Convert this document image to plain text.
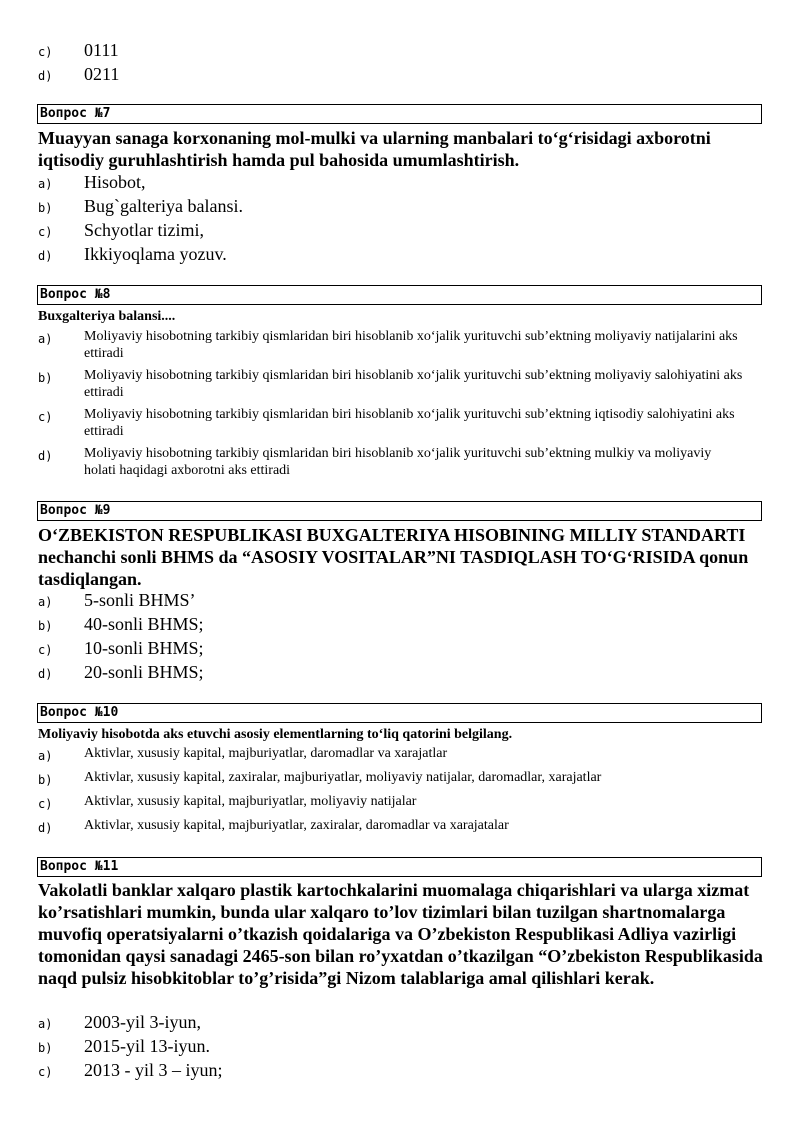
c)	0111
d)	0211
Вопрос №7
Muayyan sanaga korxonaning mol-mulki va ularning manbalari to‘g‘risidagi axborotni iqtisodiy guruhlashtirish hamda pul bahosida umumlashtirish.
a)	Hisobot,
b)	Bug`galteriya balansi.
c)	Schyotlar tizimi,
d)	Ikkiyoqlama yozuv.
Вопрос №8
Buxgalteriya balansi....
a)	Moliyaviy hisobotning tarkibiy qismlaridan biri hisoblanib xo‘jalik yurituvchi sub’ektning moliyaviy natijalarini aks ettiradi
b)	Moliyaviy hisobotning tarkibiy qismlaridan biri hisoblanib xo‘jalik yurituvchi sub’ektning moliyaviy salohiyatini aks ettiradi
c)	Moliyaviy hisobotning tarkibiy qismlaridan biri hisoblanib xo‘jalik yurituvchi sub’ektning iqtisodiy salohiyatini aks ettiradi
d)	Moliyaviy hisobotning tarkibiy qismlaridan biri hisoblanib xo‘jalik yurituvchi sub’ektning mulkiy va moliyaviy holati haqidagi axborotni aks ettiradi
Вопрос №9
O‘ZBEKISTON RESPUBLIKASI BUXGALTERIYA HISOBINING MILLIY STANDARTI nechanchi sonli BHMS da “ASOSIY VOSITALAR”NI TASDIQLASH TO‘G‘RISIDA qonun tasdiqlangan.
a)	5-sonli BHMS’
b)	40-sonli BHMS;
c)	10-sonli BHMS;
d)	20-sonli BHMS;
Вопрос №10
Moliyaviy hisobotda aks etuvchi asosiy elementlarning to‘liq qatorini belgilang.
a)	Aktivlar, xususiy kapital, majburiyatlar, daromadlar va xarajatlar
b)	Aktivlar, xususiy kapital, zaxiralar, majburiyatlar, moliyaviy natijalar, daromadlar, xarajatlar
c)	Aktivlar, xususiy kapital, majburiyatlar, moliyaviy natijalar
d)	Aktivlar, xususiy kapital, majburiyatlar, zaxiralar, daromadlar va xarajatalar
Вопрос №11
Vakolatli banklar xalqaro plastik kartochkalarini muomalaga chiqarishlari va ularga xizmat ko’rsatishlari mumkin, bunda ular xalqaro to’lov tizimlari bilan tuzilgan shartnomalarga muvofiq operatsiyalarni o’tkazish qoidalariga va O’zbekiston Respublikasi Adliya vazirligi tomonidan qaysi sanadagi 2465-son bilan ro’yxatdan o’tkazilgan “O’zbekiston Respublikasida naqd pulsiz hisobkitoblar to’g’risida”gi Nizom talablariga amal qilishlari kerak.
a)	2003-yil 3-iyun,
b)	2015-yil 13-iyun.
c)	2013 - yil 3 – iyun;
